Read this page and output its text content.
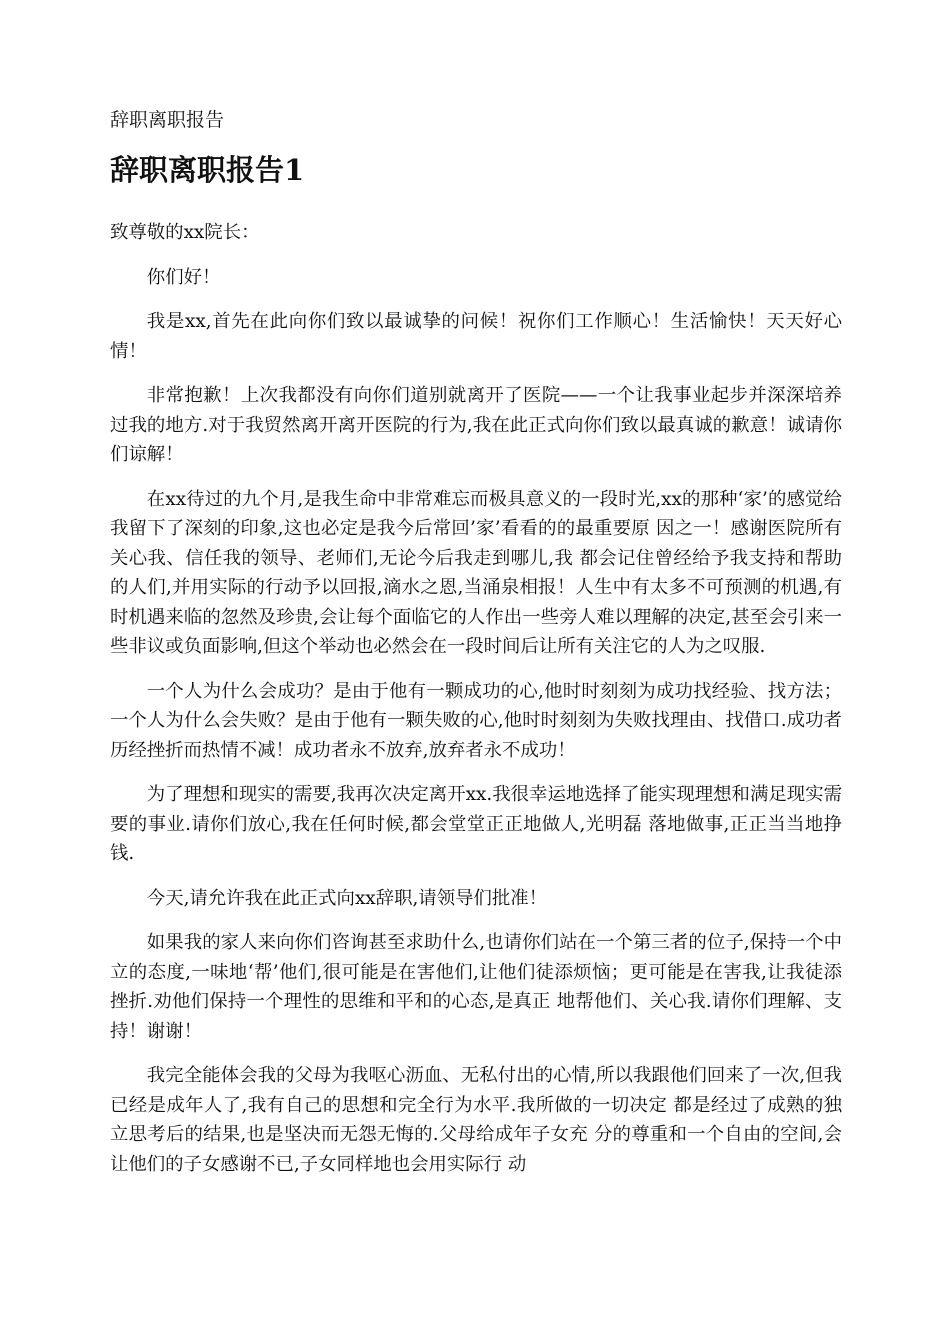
辞职离职报告
辞职离职报告1

致尊敬的xx院长：

你们好！

我是xx,首先在此向你们致以最诚挚的问候！祝你们工作顺心！生活愉快！天天好心情！

非常抱歉！上次我都没有向你们道别就离开了医院——一个让我事业起步并深深培养过我的地方.对于我贸然离开离开医院的行为,我在此正式向你们致以最真诚的歉意！诚请你们谅解！

在xx待过的九个月,是我生命中非常难忘而极具意义的一段时光,xx的那种‘家’的感觉给我留下了深刻的印象,这也必定是我今后常回’家’看看的的最重要原 因之一！感谢医院所有关心我、信任我的领导、老师们,无论今后我走到哪儿,我 都会记住曾经给予我支持和帮助的人们,并用实际的行动予以回报,滴水之恩,当涌泉相报！人生中有太多不可预测的机遇,有时机遇来临的忽然及珍贵,会让每个面临它的人作出一些旁人难以理解的决定,甚至会引来一些非议或负面影响,但这个举动也必然会在一段时间后让所有关注它的人为之叹服.

一个人为什么会成功？是由于他有一颗成功的心,他时时刻刻为成功找经验、找方法；一个人为什么会失败？是由于他有一颗失败的心,他时时刻刻为失败找理由、找借口.成功者历经挫折而热情不减！成功者永不放弃,放弃者永不成功！

为了理想和现实的需要,我再次决定离开xx.我很幸运地选择了能实现理想和满足现实需要的事业.请你们放心,我在任何时候,都会堂堂正正地做人,光明磊 落地做事,正正当当地挣钱.

今天,请允许我在此正式向xx辞职,请领导们批准！

如果我的家人来向你们咨询甚至求助什么,也请你们站在一个第三者的位子,保持一个中立的态度,一味地‘帮’他们,很可能是在害他们,让他们徒添烦恼；更可能是在害我,让我徒添挫折.劝他们保持一个理性的思维和平和的心态,是真正 地帮他们、关心我.请你们理解、支持！谢谢！

我完全能体会我的父母为我呕心沥血、无私付出的心情,所以我跟他们回来了一次,但我已经是成年人了,我有自己的思想和完全行为水平.我所做的一切决定 都是经过了成熟的独立思考后的结果,也是坚决而无怨无悔的.父母给成年子女充 分的尊重和一个自由的空间,会让他们的子女感谢不已,子女同样地也会用实际行 动
